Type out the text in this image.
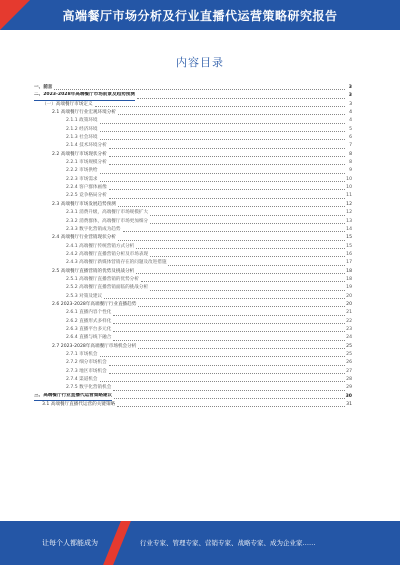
高端餐厅市场分析及行业直播代运营策略研究报告
内容目录
一、前言	3
二、2023-2028年高端餐厅市场前景及趋势预测	3
（一）高端餐厅市场定义	3
2.1 高端餐厅行业宏观环境分析	4
2.1.1 政策环境	4
2.1.2 经济环境	5
2.1.3 社会环境	6
2.1.4 技术环境分析	7
2.2 高端餐厅市场现状分析	8
2.2.1 市场规模分析	8
2.2.2 市场供给	9
2.2.3 市场需求	10
2.2.4 客户群体画像	10
2.2.5 竞争格局分析	11
2.3 高端餐厅市场发展趋势预测	12
2.3.1 消费升级，高端餐厅市场规模扩大	12
2.3.2 消费群体，高端餐厅市场更加细分	13
2.3.3 数字化营销成为趋势	14
2.4 高端餐厅行业营销现状分析	15
2.4.1 高端餐厅传统营销方式分析	15
2.4.2 高端餐厅直播营销分析及市场表现	16
2.4.3 高端餐厅新媒体营销存在的问题及改进措施	17
2.5 高端餐厅直播营销的优势及挑战分析	18
2.5.1 高端餐厅直播营销的优势分析	18
2.5.2 高端餐厅直播营销面临的挑战分析	19
2.5.3 对策及建议	20
2.6 2023-2028年高端餐厅行业直播趋势	20
2.6.1 直播内容个性化	21
2.6.2 直播形式多样化	22
2.6.3 直播平台多元化	23
2.6.4 直播与线下融合	24
2.7 2023-2028年高端餐厅市场机会分析	25
2.7.1 市场机会	25
2.7.2 细分市场机会	26
2.7.3 地区市场机会	27
2.7.4 渠道机会	28
2.7.5 数字化营销机会	29
三、高端餐厅行业直播代运营策略建议	30
3.1 高端餐厅直播代运营的关键策略	31
让每个人都能成为	行业专家、管理专家、营销专家、战略专家、成为企业家……
